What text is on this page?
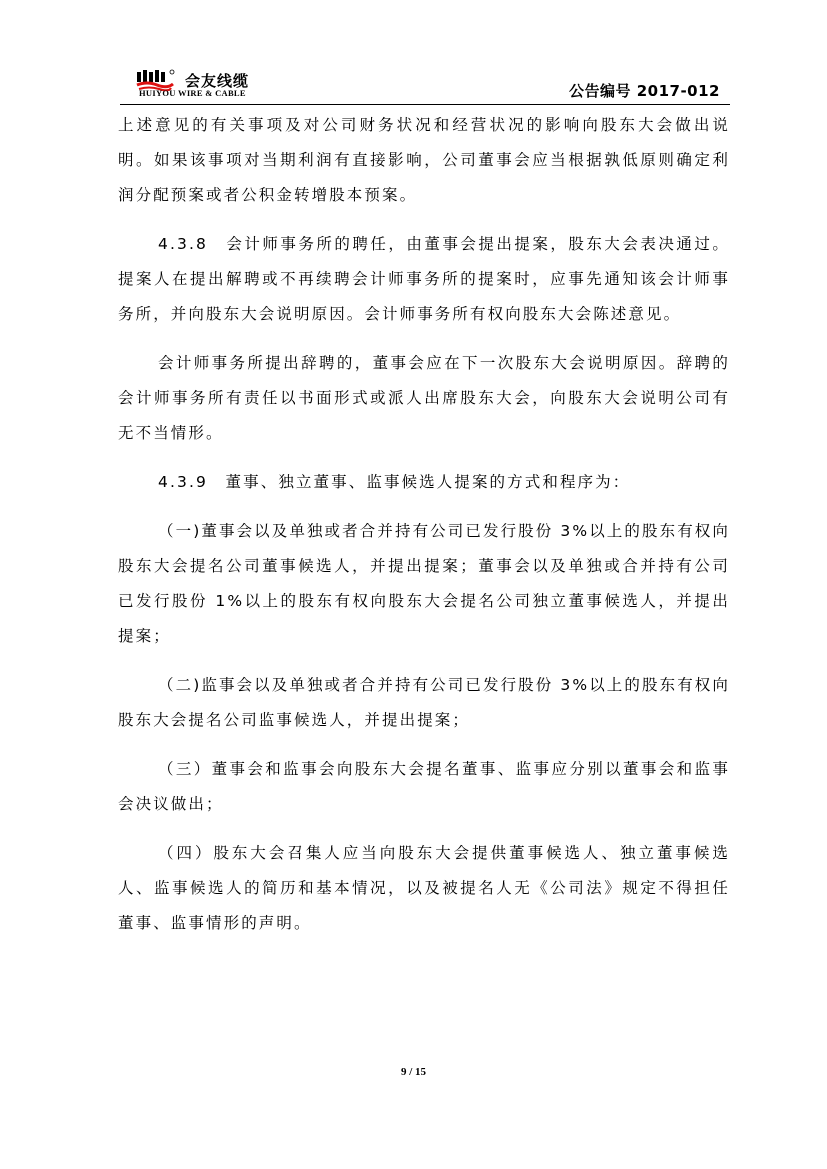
会友线缆
HUIYOU WIRE & CABLE	公告编号 2017-012

上述意见的有关事项及对公司财务状况和经营状况的影响向股东大会做出说明。如果该事项对当期利润有直接影响，公司董事会应当根据孰低原则确定利润分配预案或者公积金转增股本预案。

4.3.8　会计师事务所的聘任，由董事会提出提案，股东大会表决通过。提案人在提出解聘或不再续聘会计师事务所的提案时，应事先通知该会计师事务所，并向股东大会说明原因。会计师事务所有权向股东大会陈述意见。

会计师事务所提出辞聘的，董事会应在下一次股东大会说明原因。辞聘的会计师事务所有责任以书面形式或派人出席股东大会，向股东大会说明公司有无不当情形。

4.3.9　董事、独立董事、监事候选人提案的方式和程序为：

（一)董事会以及单独或者合并持有公司已发行股份 3%以上的股东有权向股东大会提名公司董事候选人，并提出提案；董事会以及单独或合并持有公司已发行股份 1%以上的股东有权向股东大会提名公司独立董事候选人，并提出提案；

（二)监事会以及单独或者合并持有公司已发行股份 3%以上的股东有权向股东大会提名公司监事候选人，并提出提案；

（三）董事会和监事会向股东大会提名董事、监事应分别以董事会和监事会决议做出；

（四）股东大会召集人应当向股东大会提供董事候选人、独立董事候选人、监事候选人的简历和基本情况，以及被提名人无《公司法》规定不得担任董事、监事情形的声明。

9 / 15
